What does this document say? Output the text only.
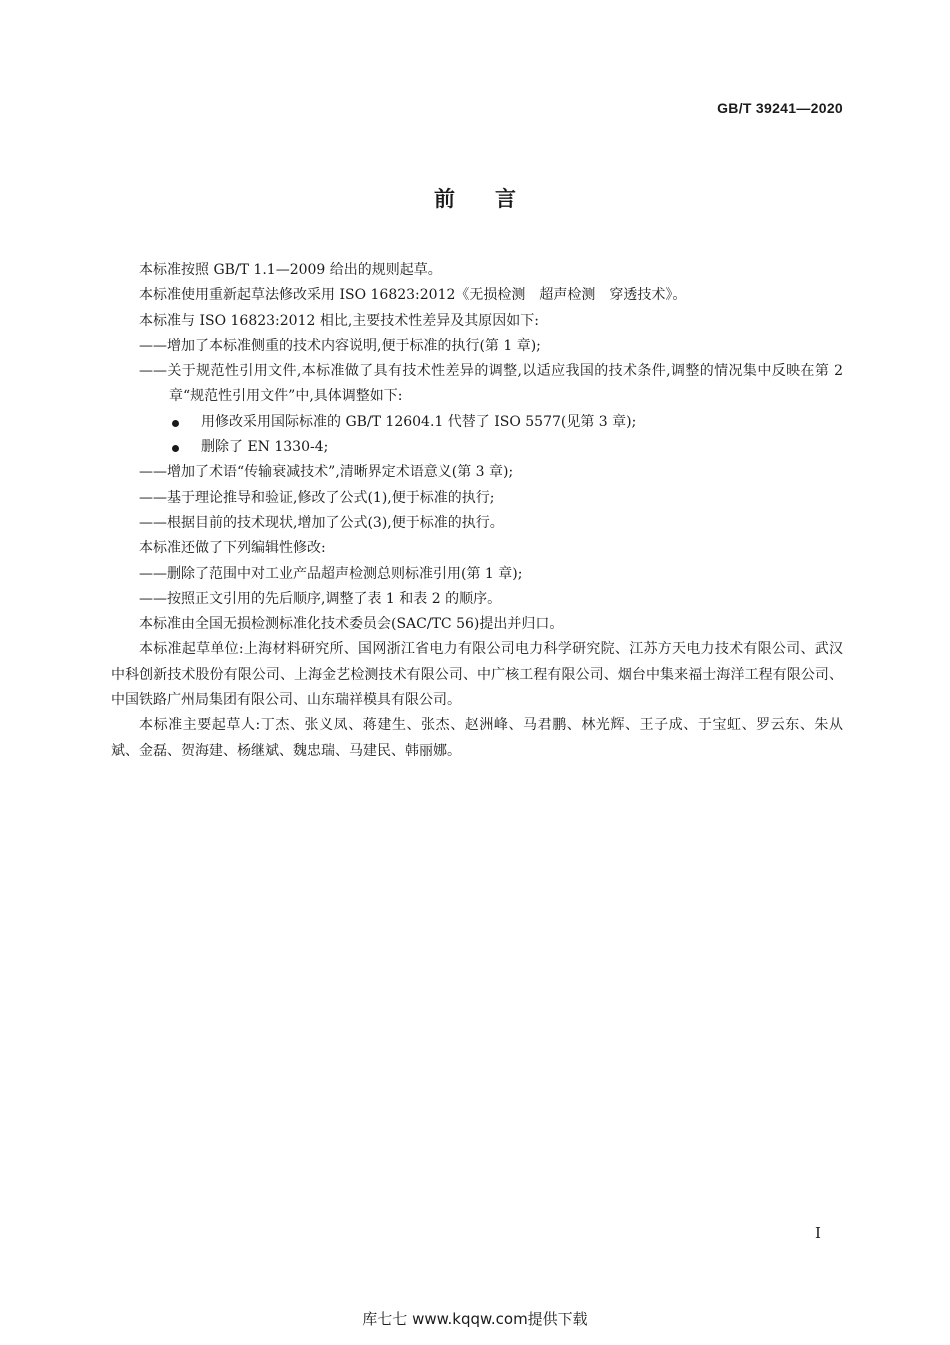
GB/T 39241—2020
前言

本标准按照 GB/T 1.1—2009 给出的规则起草。

本标准使用重新起草法修改采用 ISO 16823:2012《无损检测　超声检测　穿透技术》。

本标准与 ISO 16823:2012 相比,主要技术性差异及其原因如下:

——增加了本标准侧重的技术内容说明,便于标准的执行(第 1 章);

——关于规范性引用文件,本标准做了具有技术性差异的调整,以适应我国的技术条件,调整的情况集中反映在第 2 章“规范性引用文件”中,具体调整如下:

用修改采用国际标准的 GB/T 12604.1 代替了 ISO 5577(见第 3 章);

删除了 EN 1330-4;

——增加了术语“传输衰减技术”,清晰界定术语意义(第 3 章);

——基于理论推导和验证,修改了公式(1),便于标准的执行;

——根据目前的技术现状,增加了公式(3),便于标准的执行。

本标准还做了下列编辑性修改:

——删除了范围中对工业产品超声检测总则标准引用(第 1 章);

——按照正文引用的先后顺序,调整了表 1 和表 2 的顺序。

本标准由全国无损检测标准化技术委员会(SAC/TC 56)提出并归口。

本标准起草单位:上海材料研究所、国网浙江省电力有限公司电力科学研究院、江苏方天电力技术有限公司、武汉中科创新技术股份有限公司、上海金艺检测技术有限公司、中广核工程有限公司、烟台中集来福士海洋工程有限公司、中国铁路广州局集团有限公司、山东瑞祥模具有限公司。

本标准主要起草人:丁杰、张义凤、蒋建生、张杰、赵洲峰、马君鹏、林光辉、王子成、于宝虹、罗云东、朱从斌、金磊、贺海建、杨继斌、魏忠瑞、马建民、韩丽娜。

I
库七七 www.kqqw.com提供下载
